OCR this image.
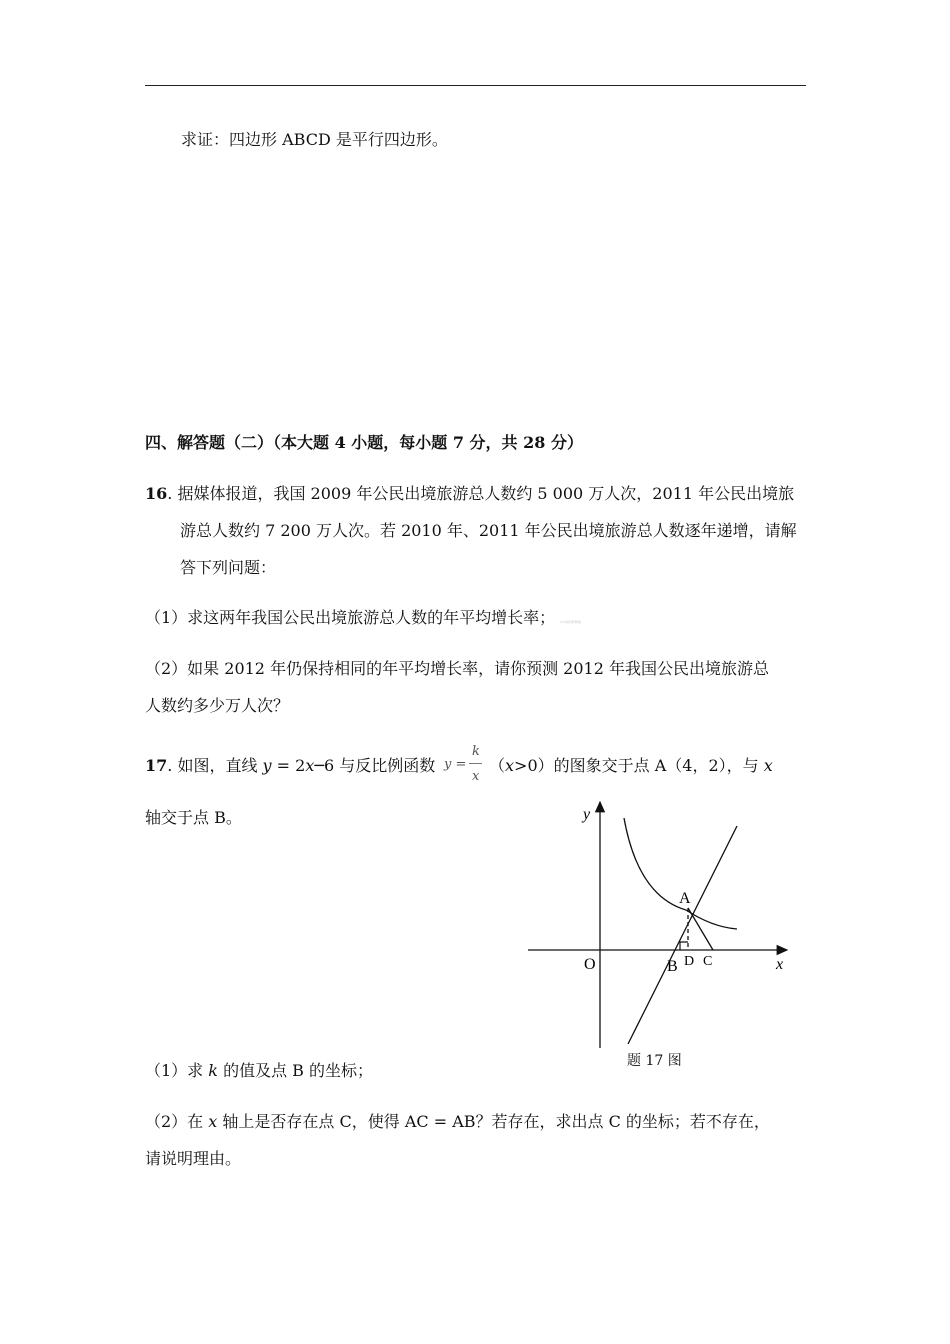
求证：四边形 ABCD 是平行四边形。
四、解答题（二）（本大题 4 小题，每小题 7 分，共 28 分）
16. 据媒体报道，我国 2009 年公民出境旅游总人数约 5 000 万人次，2011 年公民出境旅
游总人数约 7 200 万人次。若 2010 年、2011 年公民出境旅游总人数逐年递增，请解
答下列问题：
（1）求这两年我国公民出境旅游总人数的年平均增长率； (21世纪教育网)
（2）如果 2012 年仍保持相同的年平均增长率，请你预测 2012 年我国公民出境旅游总
人数约多少万人次？
17. 如图，直线 y = 2x─6 与反比例函数 y =
k
x
（x>0）的图象交于点 A（4，2），与 x
轴交于点 B。	y
x
O
A
B D C
题 17 图
（1）求 k 的值及点 B 的坐标；
（2）在 x 轴上是否存在点 C，使得 AC = AB？若存在，求出点 C 的坐标；若不存在，
请说明理由。
